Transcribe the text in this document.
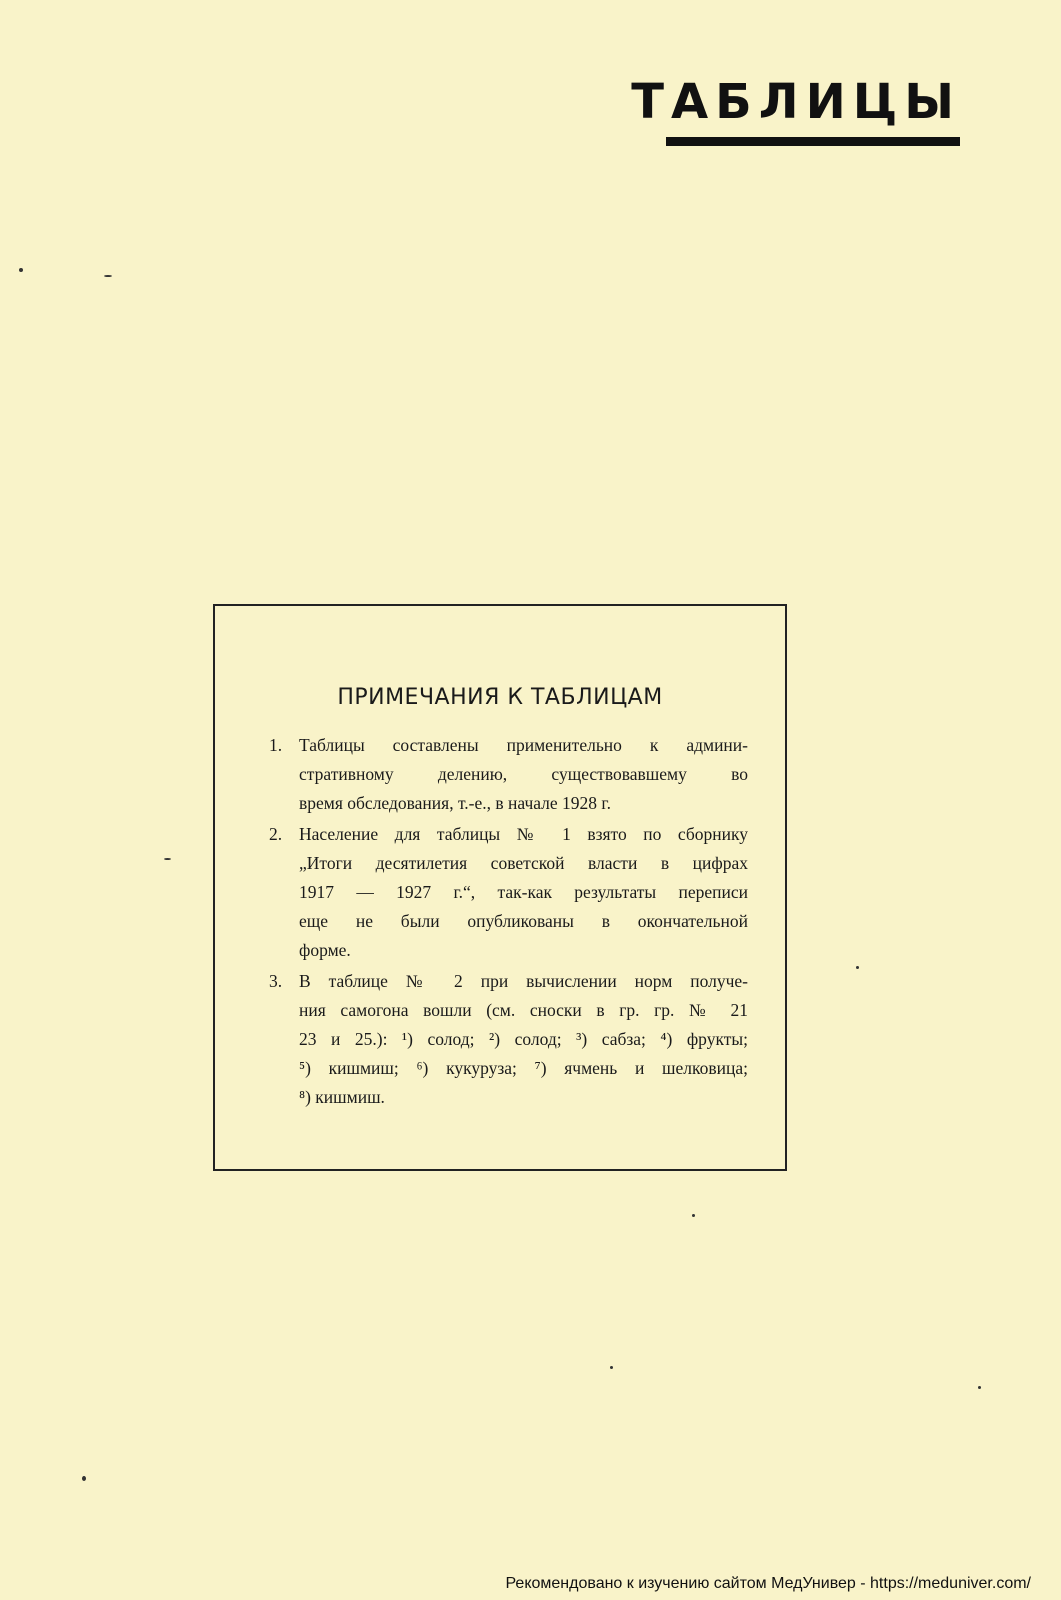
ТАБЛИЦЫ
ПРИМЕЧАНИЯ К ТАБЛИЦАМ
1. Таблицы составлены применительно к админи-
стративному делению, существовавшему во
время обследования, т.-е., в начале 1928 г.
2. Население для таблицы № 1 взято по сборнику
„Итоги десятилетия советской власти в цифрах
1917 — 1927 г.“, так-как результаты переписи
еще не были опубликованы в окончательной
форме.
3. В таблице № 2 при вычислении норм получе-
ния самогона вошли (см. сноски в гр. гр. № 21
23 и 25.): ¹) солод; ²) солод; ³) сабза; ⁴) фрукты;
⁵) кишмиш; ⁶) кукуруза; ⁷) ячмень и шелковица;
⁸) кишмиш.

Рекомендовано к изучению сайтом МедУнивер - https://meduniver.com/
